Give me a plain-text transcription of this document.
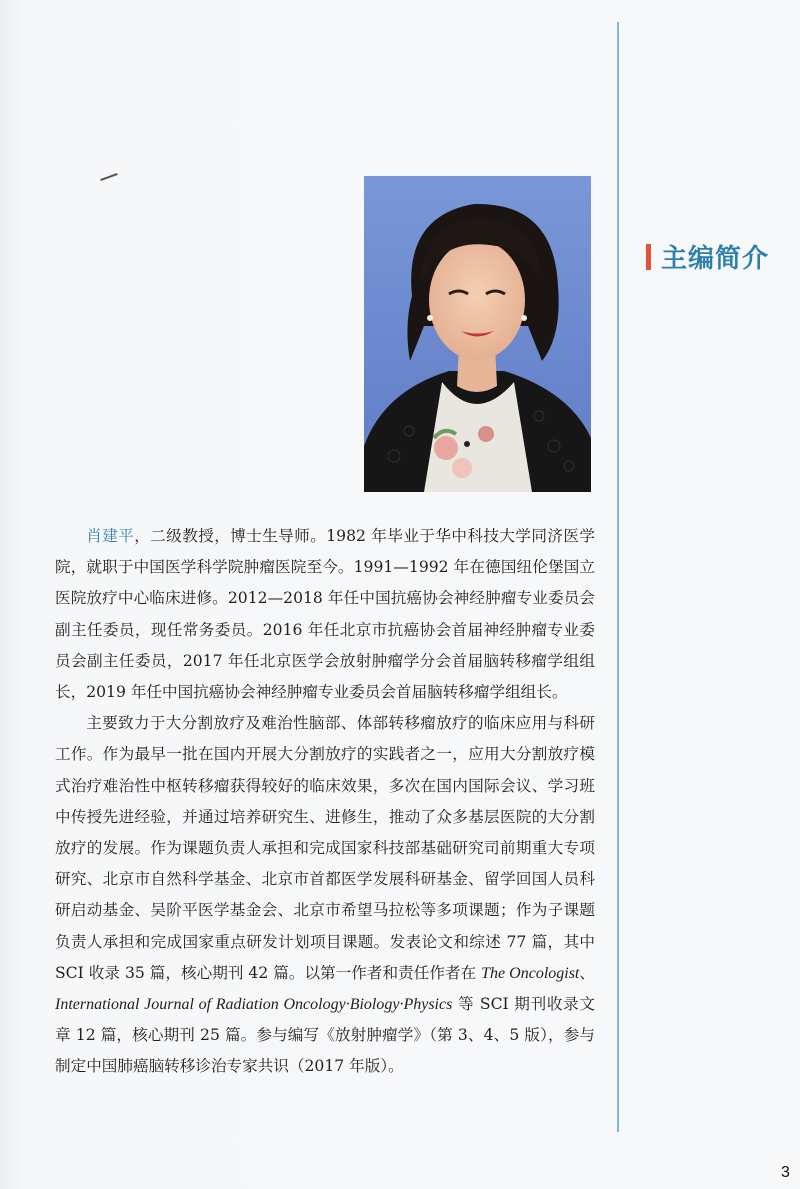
主编简介

肖建平，二级教授，博士生导师。1982 年毕业于华中科技大学同济医学院，就职于中国医学科学院肿瘤医院至今。1991—1992 年在德国纽伦堡国立医院放疗中心临床进修。2012—2018 年任中国抗癌协会神经肿瘤专业委员会副主任委员，现任常务委员。2016 年任北京市抗癌协会首届神经肿瘤专业委员会副主任委员，2017 年任北京医学会放射肿瘤学分会首届脑转移瘤学组组长，2019 年任中国抗癌协会神经肿瘤专业委员会首届脑转移瘤学组组长。

主要致力于大分割放疗及难治性脑部、体部转移瘤放疗的临床应用与科研工作。作为最早一批在国内开展大分割放疗的实践者之一，应用大分割放疗模式治疗难治性中枢转移瘤获得较好的临床效果，多次在国内国际会议、学习班中传授先进经验，并通过培养研究生、进修生，推动了众多基层医院的大分割放疗的发展。作为课题负责人承担和完成国家科技部基础研究司前期重大专项研究、北京市自然科学基金、北京市首都医学发展科研基金、留学回国人员科研启动基金、吴阶平医学基金会、北京市希望马拉松等多项课题；作为子课题负责人承担和完成国家重点研发计划项目课题。发表论文和综述 77 篇，其中 SCI 收录 35 篇，核心期刊 42 篇。以第一作者和责任作者在 The Oncologist、International Journal of Radiation Oncology·Biology·Physics 等 SCI 期刊收录文章 12 篇，核心期刊 25 篇。参与编写《放射肿瘤学》（第 3、4、5 版），参与制定中国肺癌脑转移诊治专家共识（2017 年版）。

3
